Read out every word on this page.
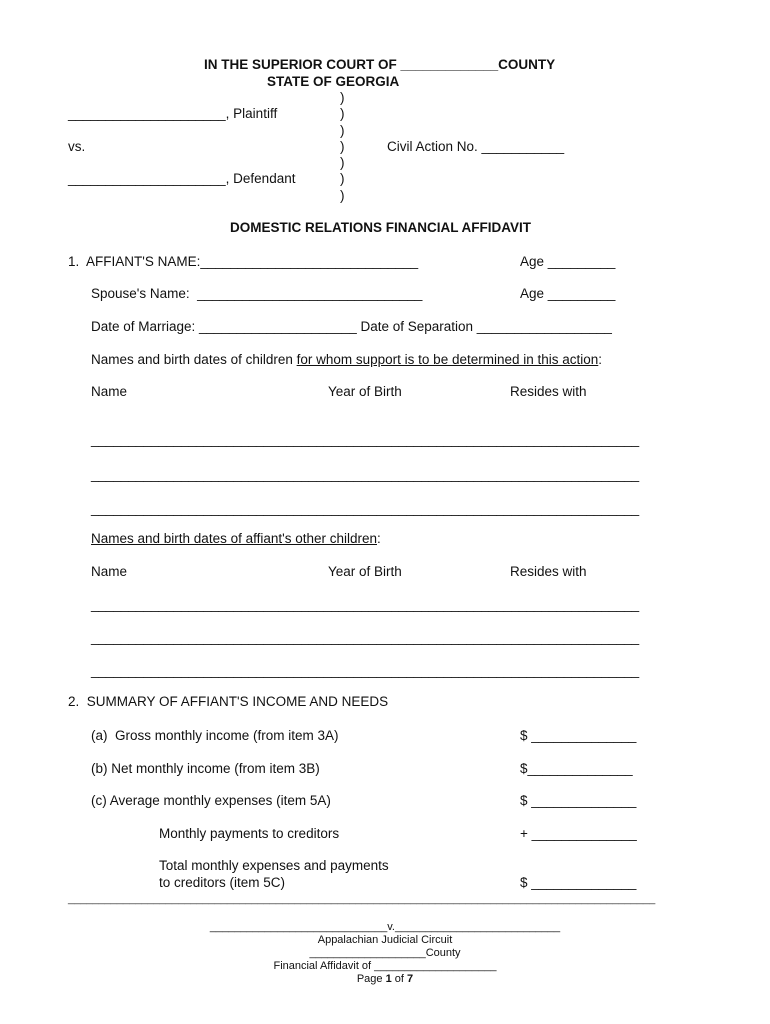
IN THE SUPERIOR COURT OF _____________COUNTY
STATE OF GEORGIA
)
)
)
)
)
)
)
_____________________, Plaintiff
vs.	Civil Action No. ___________
_____________________, Defendant
DOMESTIC RELATIONS FINANCIAL AFFIDAVIT
1.  AFFIANT'S NAME:_____________________________	Age _________
Spouse's Name:  ______________________________	Age _________
Date of Marriage: _____________________ Date of Separation __________________
Names and birth dates of children for whom support is to be determined in this action:
Name	Year of Birth	Resides with
_________________________________________________________________________
_________________________________________________________________________
_________________________________________________________________________
Names and birth dates of affiant's other children:
Name	Year of Birth	Resides with
_________________________________________________________________________
_________________________________________________________________________
_________________________________________________________________________
2.  SUMMARY OF AFFIANT'S INCOME AND NEEDS
(a)  Gross monthly income (from item 3A)	$ ______________
(b) Net monthly income (from item 3B)	$______________
(c) Average monthly expenses (item 5A)	$ ______________
Monthly payments to creditors	+ ______________
Total monthly expenses and payments
to creditors (item 5C)	$ ______________
________________________________________________________________________________________________
_____________________________v.___________________________
Appalachian Judicial Circuit
___________________County
Financial Affidavit of ____________________
Page 1 of 7
